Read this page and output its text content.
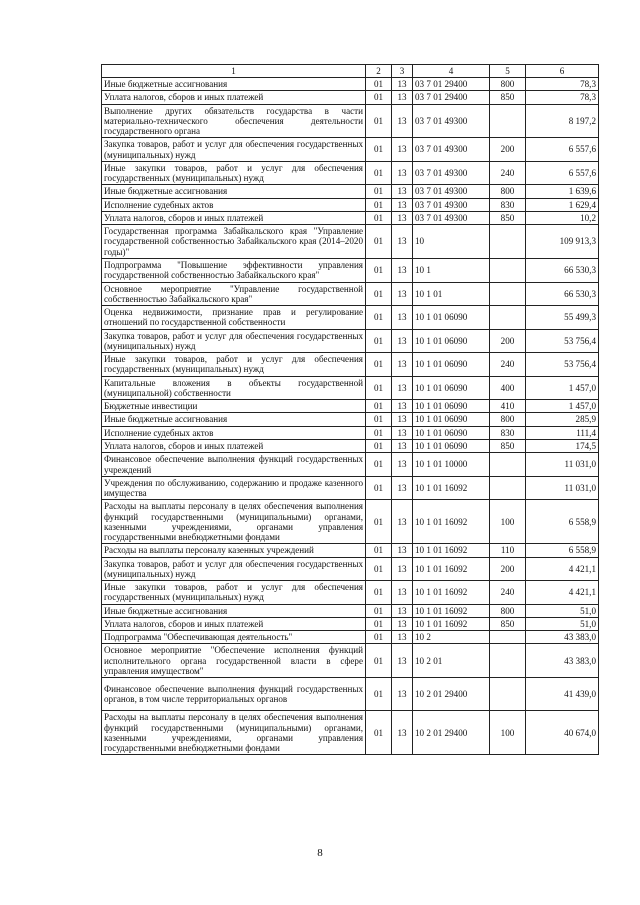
1	2	3	4	5	6
Иные бюджетные ассигнования	01	13	03 7 01 29400	800	78,3
Уплата налогов, сборов и иных платежей	01	13	03 7 01 29400	850	78,3
Выполнение других обязательств государства в части материально-технического обеспечения деятельности государственного органа	01	13	03 7 01 49300		8 197,2
Закупка товаров, работ и услуг для обеспечения государственных (муниципальных) нужд	01	13	03 7 01 49300	200	6 557,6
Иные закупки товаров, работ и услуг для обеспечения государственных (муниципальных) нужд	01	13	03 7 01 49300	240	6 557,6
Иные бюджетные ассигнования	01	13	03 7 01 49300	800	1 639,6
Исполнение судебных актов	01	13	03 7 01 49300	830	1 629,4
Уплата налогов, сборов и иных платежей	01	13	03 7 01 49300	850	10,2
Государственная программа Забайкальского края "Управление государственной собственностью Забайкальского края (2014–2020 годы)"	01	13	10		109 913,3
Подпрограмма "Повышение эффективности управления государственной собственностью Забайкальского края"	01	13	10 1		66 530,3
Основное мероприятие "Управление государственной собственностью Забайкальского края"	01	13	10 1 01		66 530,3
Оценка недвижимости, признание прав и регулирование отношений по государственной собственности	01	13	10 1 01 06090		55 499,3
Закупка товаров, работ и услуг для обеспечения государственных (муниципальных) нужд	01	13	10 1 01 06090	200	53 756,4
Иные закупки товаров, работ и услуг для обеспечения государственных (муниципальных) нужд	01	13	10 1 01 06090	240	53 756,4
Капитальные вложения в объекты государственной (муниципальной) собственности	01	13	10 1 01 06090	400	1 457,0
Бюджетные инвестиции	01	13	10 1 01 06090	410	1 457,0
Иные бюджетные ассигнования	01	13	10 1 01 06090	800	285,9
Исполнение судебных актов	01	13	10 1 01 06090	830	111,4
Уплата налогов, сборов и иных платежей	01	13	10 1 01 06090	850	174,5
Финансовое обеспечение выполнения функций государственных учреждений	01	13	10 1 01 10000		11 031,0
Учреждения по обслуживанию, содержанию и продаже казенного имущества	01	13	10 1 01 16092		11 031,0
Расходы на выплаты персоналу в целях обеспечения выполнения функций государственными (муниципальными) органами, казенными учреждениями, органами управления государственными внебюджетными фондами	01	13	10 1 01 16092	100	6 558,9
Расходы на выплаты персоналу казенных учреждений	01	13	10 1 01 16092	110	6 558,9
Закупка товаров, работ и услуг для обеспечения государственных (муниципальных) нужд	01	13	10 1 01 16092	200	4 421,1
Иные закупки товаров, работ и услуг для обеспечения государственных (муниципальных) нужд	01	13	10 1 01 16092	240	4 421,1
Иные бюджетные ассигнования	01	13	10 1 01 16092	800	51,0
Уплата налогов, сборов и иных платежей	01	13	10 1 01 16092	850	51,0
Подпрограмма "Обеспечивающая деятельность"	01	13	10 2		43 383,0
Основное мероприятие "Обеспечение исполнения функций исполнительного органа государственной власти в сфере управления имуществом"	01	13	10 2 01		43 383,0
Финансовое обеспечение выполнения функций государственных органов, в том числе территориальных органов	01	13	10 2 01 29400		41 439,0
Расходы на выплаты персоналу в целях обеспечения выполнения функций государственными (муниципальными) органами, казенными учреждениями, органами управления государственными внебюджетными фондами	01	13	10 2 01 29400	100	40 674,0
8
